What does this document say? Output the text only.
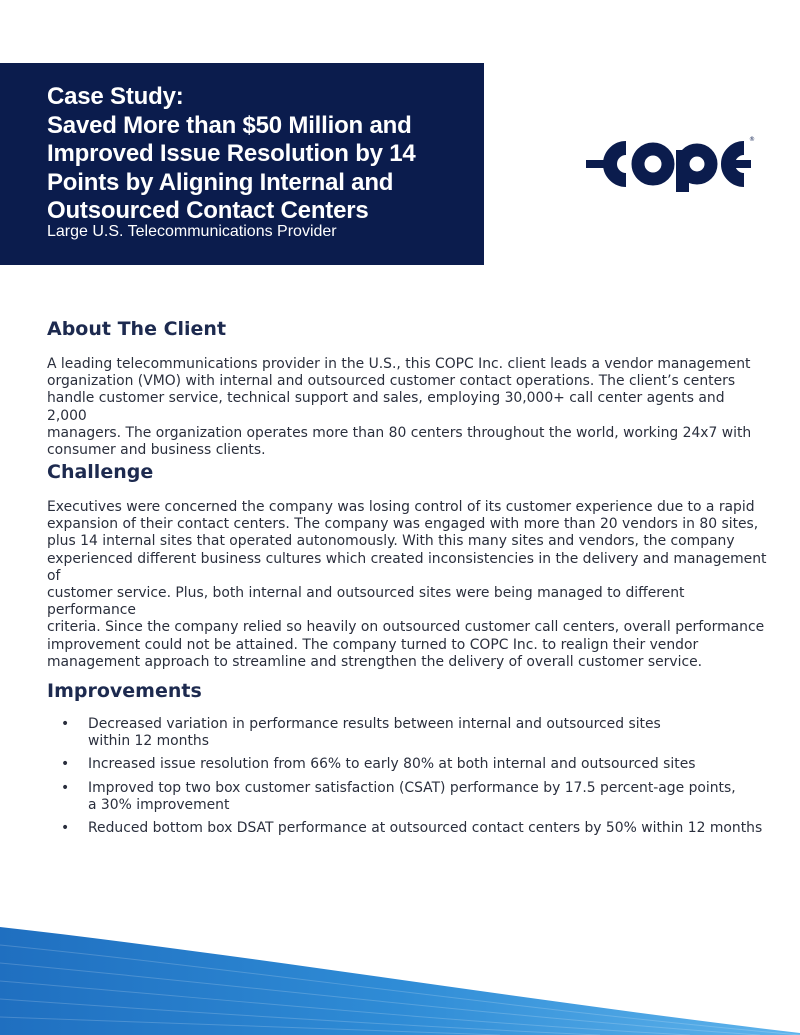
Case Study:
Saved More than $50 Million and
Improved Issue Resolution by 14
Points by Aligning Internal and
Outsourced Contact Centers
Large U.S. Telecommunications Provider
®
About The Client

A leading telecommunications provider in the U.S., this COPC Inc. client leads a vendor management
organization (VMO) with internal and outsourced customer contact operations. The client’s centers
handle customer service, technical support and sales, employing 30,000+ call center agents and 2,000
managers. The organization operates more than 80 centers throughout the world, working 24x7 with
consumer and business clients.

Challenge

Executives were concerned the company was losing control of its customer experience due to a rapid
expansion of their contact centers. The company was engaged with more than 20 vendors in 80 sites,
plus 14 internal sites that operated autonomously. With this many sites and vendors, the company
experienced different business cultures which created inconsistencies in the delivery and management of
customer service. Plus, both internal and outsourced sites were being managed to different performance
criteria. Since the company relied so heavily on outsourced customer call centers, overall performance
improvement could not be attained. The company turned to COPC Inc. to realign their vendor
management approach to streamline and strengthen the delivery of overall customer service.

Improvements
• Decreased variation in performance results between internal and outsourced sites
within 12 months
• Increased issue resolution from 66% to early 80% at both internal and outsourced sites
• Improved top two box customer satisfaction (CSAT) performance by 17.5 percent-age points,
a 30% improvement
• Reduced bottom box DSAT performance at outsourced contact centers by 50% within 12 months
